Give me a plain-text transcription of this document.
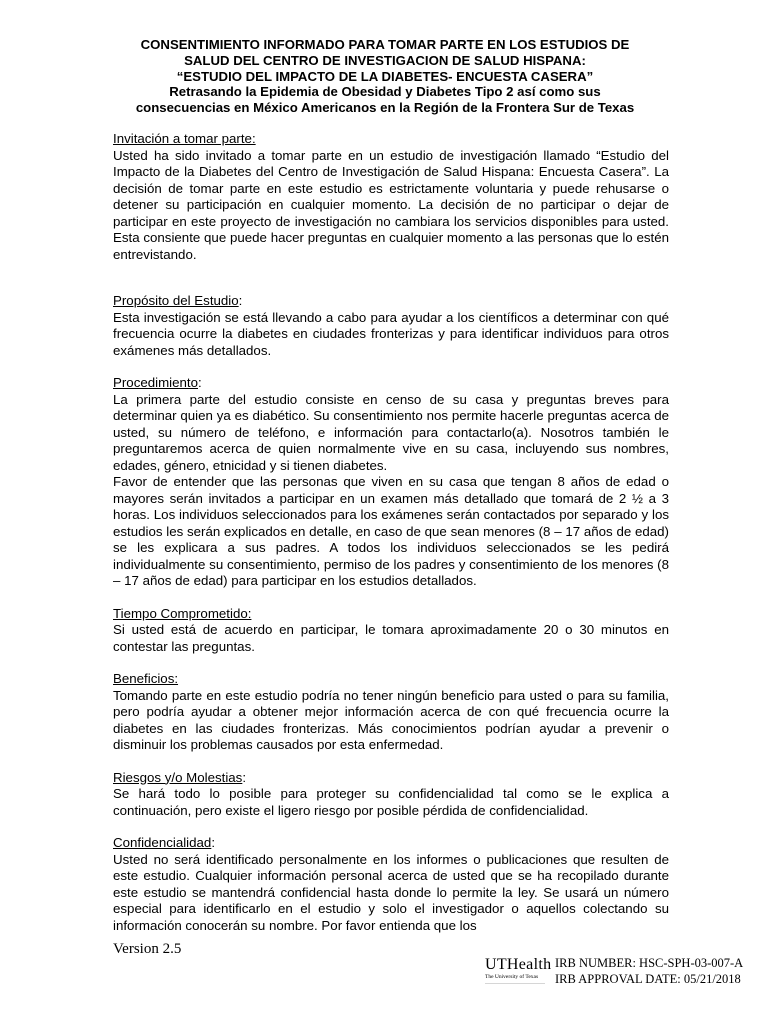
CONSENTIMIENTO INFORMADO PARA TOMAR PARTE EN LOS ESTUDIOS DE
SALUD DEL CENTRO DE INVESTIGACION DE SALUD HISPANA:
“ESTUDIO DEL IMPACTO DE LA DIABETES- ENCUESTA CASERA”
Retrasando la Epidemia de Obesidad y Diabetes Tipo 2 así como sus
consecuencias en México Americanos en la Región de la Frontera Sur de Texas
Invitación a tomar parte:
Usted ha sido invitado a tomar parte en un estudio de investigación llamado “Estudio del Impacto de la Diabetes del Centro de Investigación de Salud Hispana: Encuesta Casera”. La decisión de tomar parte en este estudio es estrictamente voluntaria y puede rehusarse o detener su participación en cualquier momento. La decisión de no participar o dejar de participar en este proyecto de investigación no cambiara los servicios disponibles para usted. Esta consiente que puede hacer preguntas en cualquier momento a las personas que lo estén entrevistando.
Propósito del Estudio:
Esta investigación se está llevando a cabo para ayudar a los científicos a determinar con qué frecuencia ocurre la diabetes en ciudades fronterizas y para identificar individuos para otros exámenes más detallados.
Procedimiento:
La primera parte del estudio consiste en censo de su casa y preguntas breves para determinar quien ya es diabético. Su consentimiento nos permite hacerle preguntas acerca de usted, su número de teléfono, e información para contactarlo(a). Nosotros también le preguntaremos acerca de quien normalmente vive en su casa, incluyendo sus nombres, edades, género, etnicidad y si tienen diabetes.
Favor de entender que las personas que viven en su casa que tengan 8 años de edad o mayores serán invitados a participar en un examen más detallado que tomará de 2 ½ a 3 horas. Los individuos seleccionados para los exámenes serán contactados por separado y los estudios les serán explicados en detalle, en caso de que sean menores (8 – 17 años de edad) se les explicara a sus padres. A todos los individuos seleccionados se les pedirá individualmente su consentimiento, permiso de los padres y consentimiento de los menores (8 – 17 años de edad) para participar en los estudios detallados.
Tiempo Comprometido:
Si usted está de acuerdo en participar, le tomara aproximadamente 20 o 30 minutos en contestar las preguntas.
Beneficios:
Tomando parte en este estudio podría no tener ningún beneficio para usted o para su familia, pero podría ayudar a obtener mejor información acerca de con qué frecuencia ocurre la diabetes en las ciudades fronterizas. Más conocimientos podrían ayudar a prevenir o disminuir los problemas causados por esta enfermedad.
Riesgos y/o Molestias:
Se hará todo lo posible para proteger su confidencialidad tal como se le explica a continuación, pero existe el ligero riesgo por posible pérdida de confidencialidad.
Confidencialidad:
Usted no será identificado personalmente en los informes o publicaciones que resulten de este estudio. Cualquier información personal acerca de usted que se ha recopilado durante este estudio se mantendrá confidencial hasta donde lo permite la ley. Se usará un número especial para identificarlo en el estudio y solo el investigador o aquellos colectando su información conocerán su nombre. Por favor entienda que los
Version 2.5
UTHealth
The University of Texas
―――――――――――――――
IRB NUMBER: HSC-SPH-03-007-A
IRB APPROVAL DATE: 05/21/2018
